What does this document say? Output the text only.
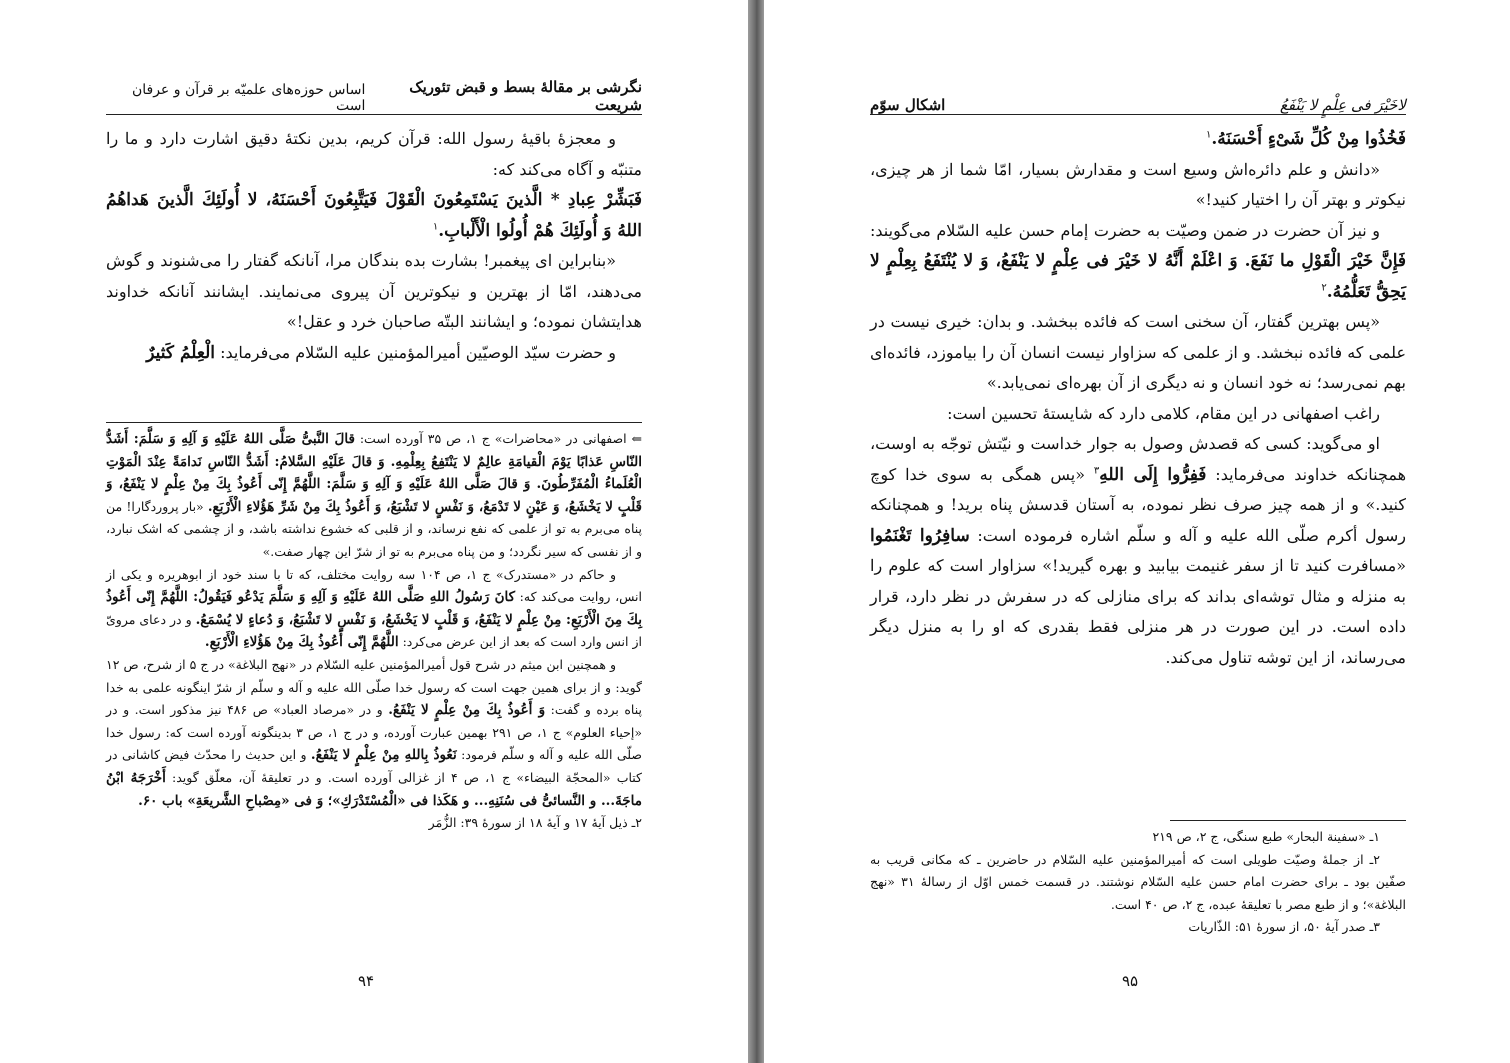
نگرشی بر مقالهٔ بسط و قبض تئوریک شریعت
اساس حوزه‌های علمیّه بر قرآن و عرفان است

و معجزهٔ باقیهٔ رسول الله: قرآن کریم، بدین نکتهٔ دقیق اشارت دارد و ما را متنبّه و آگاه می‌کند که:

فَبَشِّرْ عِبادِ * الَّذینَ یَسْتَمِعُونَ الْقَوْلَ فَیَتَّبِعُونَ أَحْسَنَهُ، لا أُولَئِكَ الَّذینَ هَداهُمُ اللهُ وَ أُولَئِكَ هُمْ أُولُوا الْأَلْبابِ.$^۱$

«بنابراین ای پیغمبر! بشارت بده بندگان مرا، آنانکه گفتار را می‌شنوند و گوش می‌دهند، امّا از بهترین و نیکوترین آن پیروی می‌نمایند. ایشانند آنانکه خداوند هدایتشان نموده؛ و ایشانند البتّه صاحبان خرد و عقل!»

و حضرت سیّد الوصیّین أمیرالمؤمنین علیه السّلام می‌فرماید: الْعِلْمُ کَثیرٌ

⇐ اصفهانی در «محاضرات» ج ۱، ص ۳۵ آورده است: قالَ النَّبیُّ صَلَّی اللهُ عَلَیْهِ وَ آلِهِ وَ سَلَّمَ: أَشَدُّ النّاسِ عَذابًا یَوْمَ الْقیامَةِ عالِمٌ لا یَنْتَفِعُ بِعِلْمِهِ. وَ قالَ عَلَیْهِ السَّلامُ: أَشَدُّ النّاسِ نَدامَةً عِنْدَ الْمَوْتِ الْعُلَماءُ الْمُفَرِّطُونَ. وَ قالَ صَلَّی اللهُ عَلَیْهِ وَ آلِهِ وَ سَلَّمَ: اللَّهُمَّ إِنّی أَعُوذُ بِكَ مِنْ عِلْمٍ لا یَنْفَعُ، وَ قَلْبٍ لا یَخْشَعُ، وَ عَیْنٍ لا تَدْمَعُ، وَ نَفْسٍ لا تَشْبَعُ، وَ أَعُوذُ بِكَ مِنْ شَرِّ هَؤُلاءِ الْأَرْبَعِ. «بار پروردگارا! من پناه می‌برم به تو از علمی که نفع نرساند، و از قلبی که خشوع نداشته باشد، و از چشمی که اشک نبارد، و از نفسی که سیر نگردد؛ و من پناه می‌برم به تو از شرّ این چهار صفت.»

و حاکم در «مستدرک» ج ۱، ص ۱۰۴ سه روایت مختلف، که تا با سند خود از ابوهریره و یکی از انس، روایت می‌کند که: کانَ رَسُولُ اللهِ صَلَّی اللهُ عَلَیْهِ وَ آلِهِ وَ سَلَّمَ یَدْعُو فَیَقُولُ: اللَّهُمَّ إِنّی أَعُوذُ بِكَ مِنَ الْأَرْبَعِ: مِنْ عِلْمٍ لا یَنْفَعُ، وَ قَلْبٍ لا یَخْشَعُ، وَ نَفْسٍ لا تَشْبَعُ، وَ دُعاءٍ لا یُسْمَعُ. و در دعای مرویّ از انس وارد است که بعد از این عرض می‌کرد: اللَّهُمَّ إِنّی أَعُوذُ بِكَ مِنْ هَؤُلاءِ الْأَرْبَعِ.

و همچنین ابن میثم در شرح قول أمیرالمؤمنین علیه السّلام در «نهج البلاغة» در ج ۵ از شرح، ص ۱۲ گوید: و از برای همین جهت است که رسول خدا صلّی الله علیه و آله و سلّم از شرّ اینگونه علمی به خدا پناه برده و گفت: وَ أَعُوذُ بِكَ مِنْ عِلْمٍ لا یَنْفَعُ. و در «مرصاد العباد» ص ۴۸۶ نیز مذکور است. و در «إحیاء العلوم» ج ۱، ص ۲۹۱ بهمین عبارت آورده، و در ج ۱، ص ۳ بدینگونه آورده است که: رسول خدا صلّی الله علیه و آله و سلّم فرمود: نَعُوذُ بِاللهِ مِنْ عِلْمٍ لا یَنْفَعُ. و این حدیث را محدّث فیض کاشانی در کتاب «المحجّة البیضاء» ج ۱، ص ۴ از غزالی آورده است. و در تعلیقهٔ آن، معلّق گوید: أَخْرَجَهُ ابْنُ ماجَةَ... و النَّسائیُّ فی سُنَنِهِ... و هَکَذا فی «الْمُسْتَدْرَكِ»؛ وَ فی «مِصْباحِ الشَّریعَةِ» باب ۶۰.

۲ـ ذیل آیهٔ ۱۷ و آیهٔ ۱۸ از سورهٔ ۳۹: الزُّمَر

۹۴
لاخَیْرَ فی عِلْمٍ لا یَنْفَعُ
اشکال سوّم

فَخُذُوا مِنْ کُلِّ شَیْءٍ أَحْسَنَهُ.$^۱$

«دانش و علم دائره‌اش وسیع است و مقدارش بسیار، امّا شما از هر چیزی، نیکوتر و بهتر آن را اختیار کنید!»

و نیز آن حضرت در ضمن وصیّت به حضرت إمام حسن علیه السّلام می‌گویند: فَإِنَّ خَیْرَ الْقَوْلِ ما نَفَعَ. وَ اعْلَمْ أَنَّهُ لا خَیْرَ فی عِلْمٍ لا یَنْفَعُ، وَ لا یُنْتَفَعُ بِعِلْمٍ لا یَحِقُّ تَعَلُّمُهُ.$^۲$

«پس بهترین گفتار، آن سخنی است که فائده ببخشد. و بدان: خیری نیست در علمی که فائده نبخشد. و از علمی که سزاوار نیست انسان آن را بیاموزد، فائده‌ای بهم نمی‌رسد؛ نه خود انسان و نه دیگری از آن بهره‌ای نمی‌یابد.»

راغب اصفهانی در این مقام، کلامی دارد که شایستهٔ تحسین است:

او می‌گوید: کسی که قصدش وصول به جوار خداست و نیّتش توجّه به اوست، همچنانکه خداوند می‌فرماید: فَفِرُّوا إِلَی اللهِ$^۳$ «پس همگی به سوی خدا کوچ کنید.» و از همه چیز صرف نظر نموده، به آستان قدسش پناه برید! و همچنانکه رسول أکرم صلّی الله علیه و آله و سلّم اشاره فرموده است: سافِرُوا تَغْنَمُوا «مسافرت کنید تا از سفر غنیمت بیابید و بهره گیرید!» سزاوار است که علوم را به منزله و مثال توشه‌ای بداند که برای منازلی که در سفرش در نظر دارد، قرار داده است. در این صورت در هر منزلی فقط بقدری که او را به منزل دیگر می‌رساند، از این توشه تناول می‌کند.

۱ـ «سفینة البحار» طبع سنگی، ج ۲، ص ۲۱۹

۲ـ از جملهٔ وصیّت طویلی است که أمیرالمؤمنین علیه السّلام در حاضرین ـ که مکانی قریب به صفّین بود ـ برای حضرت امام حسن علیه السّلام نوشتند. در قسمت خمس اوّل از رسالهٔ ۳۱ «نهج البلاغة»؛ و از طبع مصر با تعلیقهٔ عبده، ج ۲، ص ۴۰ است.

۳ـ صدر آیهٔ ۵۰، از سورهٔ ۵۱: الذّاریات

۹۵
